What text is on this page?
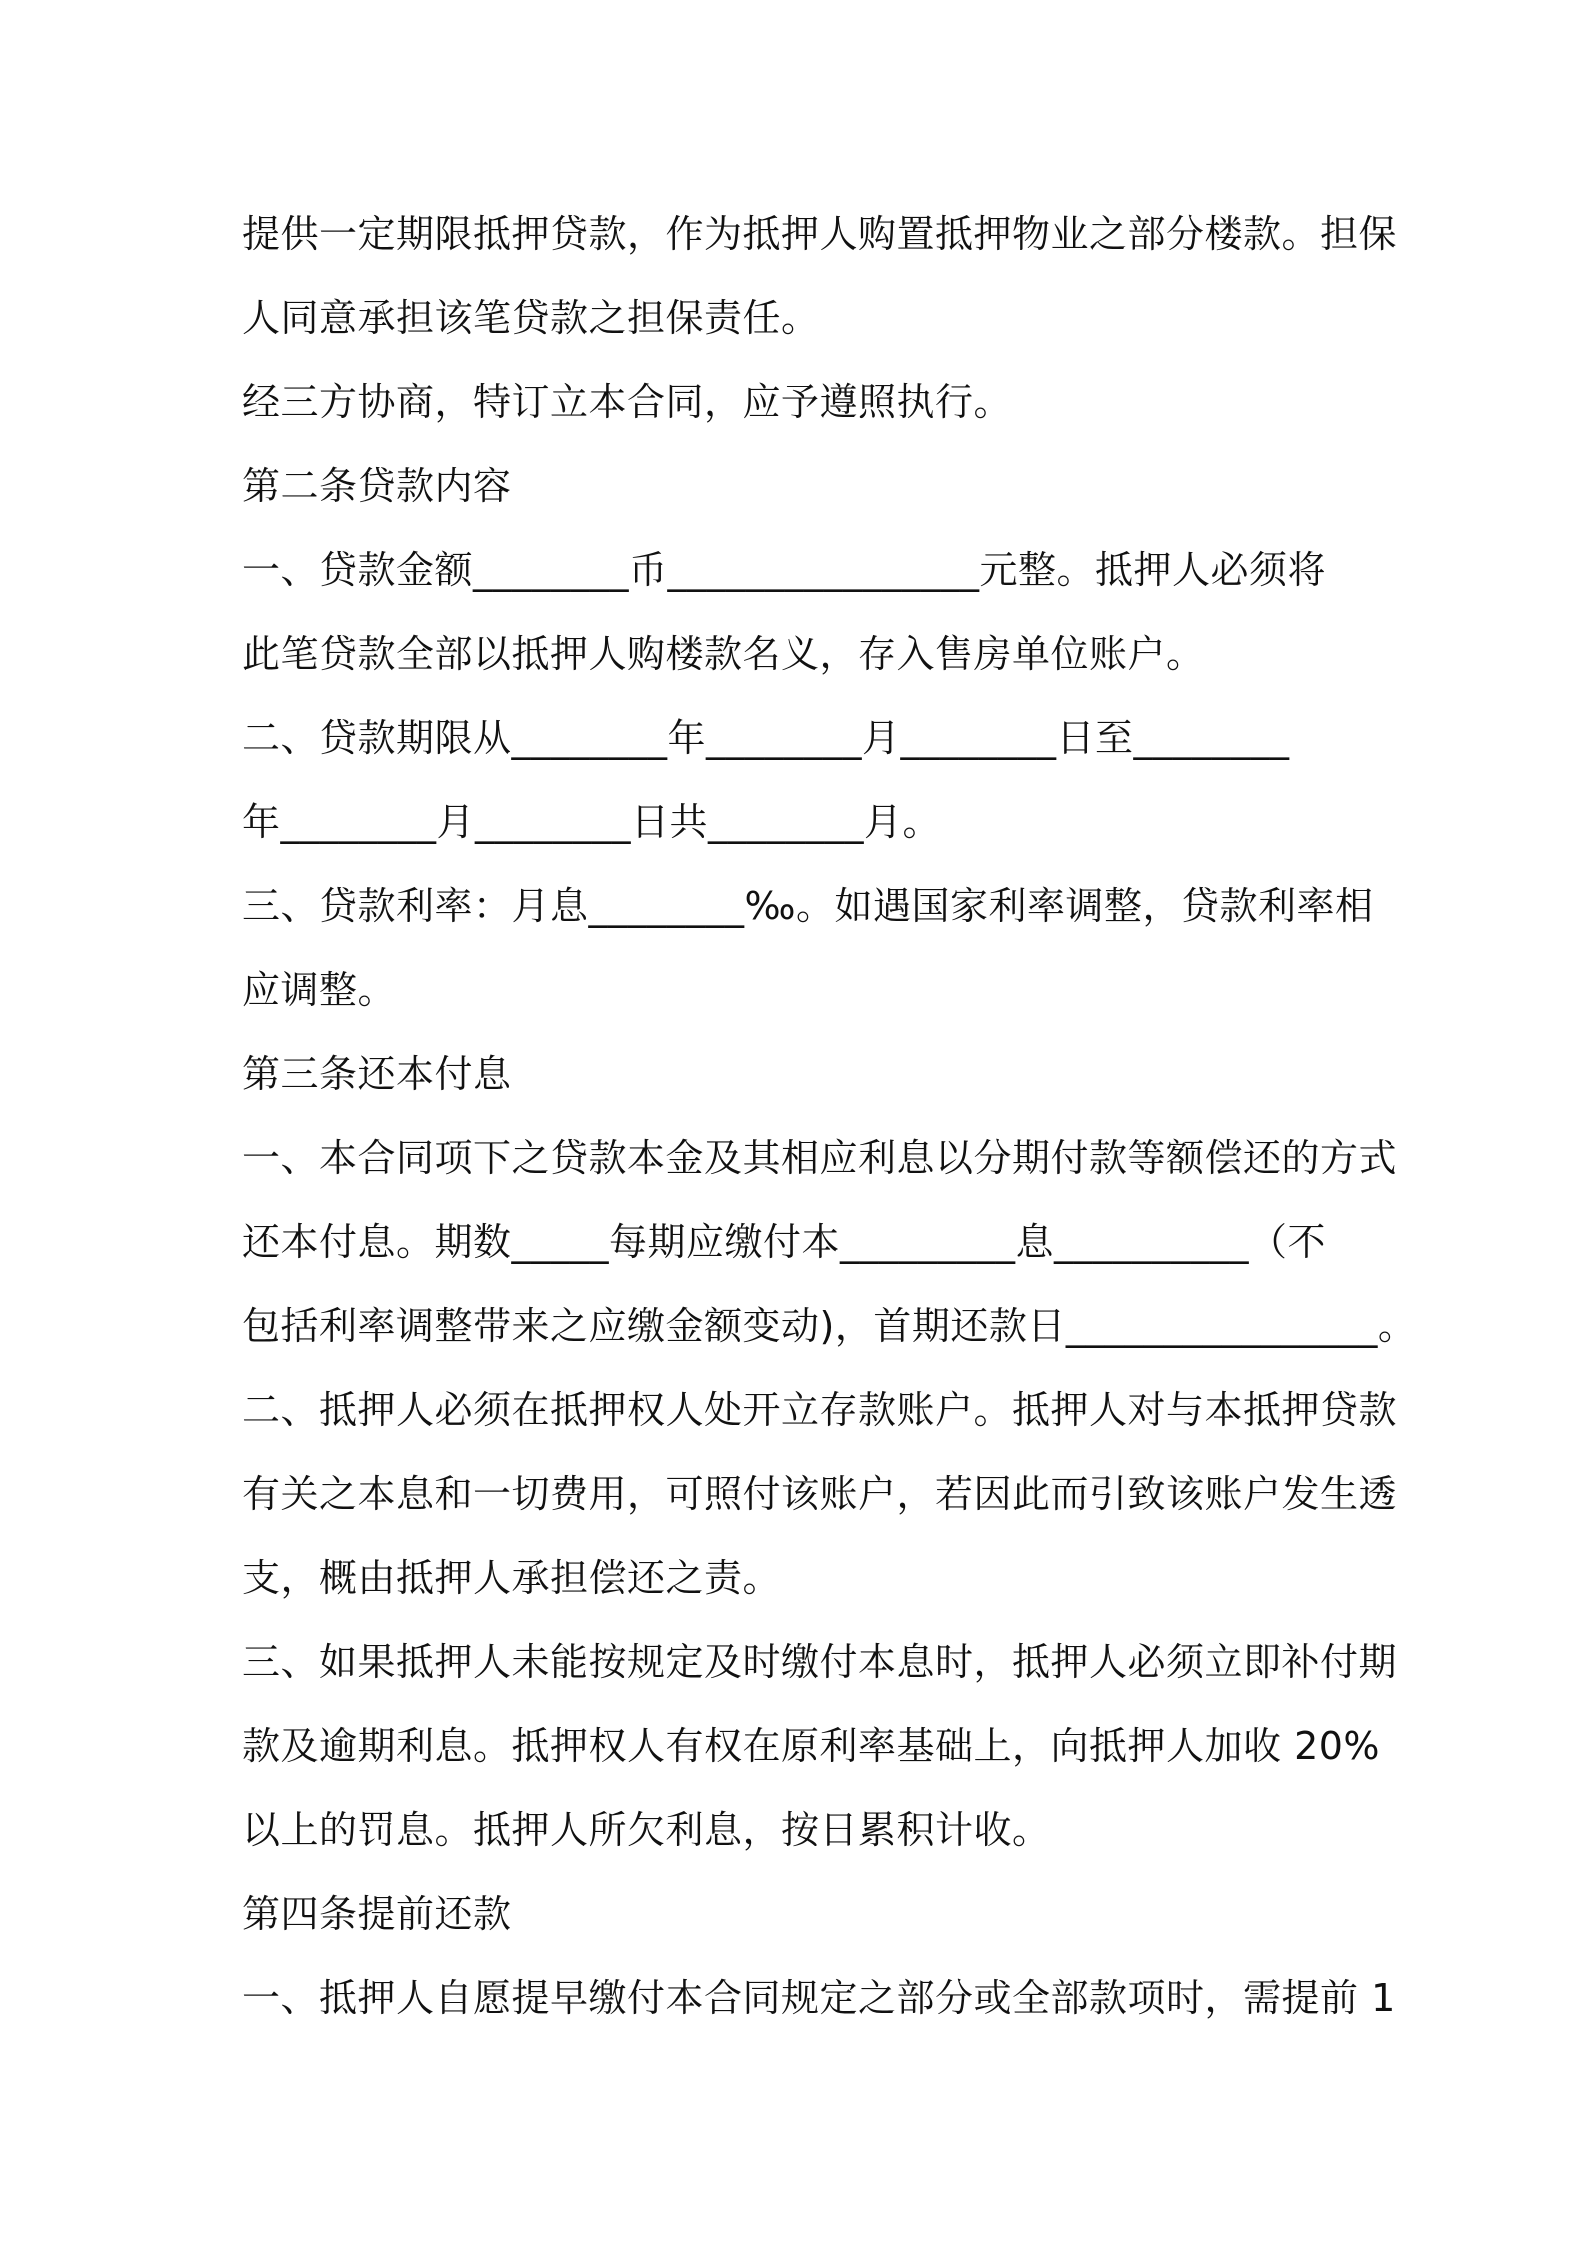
提供一定期限抵押贷款，作为抵押人购置抵押物业之部分楼款。担保
人同意承担该笔贷款之担保责任。
经三方协商，特订立本合同，应予遵照执行。
第二条贷款内容
一、贷款金额________币________________元整。抵押人必须将
此笔贷款全部以抵押人购楼款名义，存入售房单位账户。
二、贷款期限从________年________月________日至________
年________月________日共________月。
三、贷款利率：月息________‰。如遇国家利率调整，贷款利率相
应调整。
第三条还本付息
一、本合同项下之贷款本金及其相应利息以分期付款等额偿还的方式
还本付息。期数_____每期应缴付本_________息__________（不
包括利率调整带来之应缴金额变动)，首期还款日________________。
二、抵押人必须在抵押权人处开立存款账户。抵押人对与本抵押贷款
有关之本息和一切费用，可照付该账户，若因此而引致该账户发生透
支，概由抵押人承担偿还之责。
三、如果抵押人未能按规定及时缴付本息时，抵押人必须立即补付期
款及逾期利息。抵押权人有权在原利率基础上，向抵押人加收 20%
以上的罚息。抵押人所欠利息，按日累积计收。
第四条提前还款
一、抵押人自愿提早缴付本合同规定之部分或全部款项时，需提前 1
